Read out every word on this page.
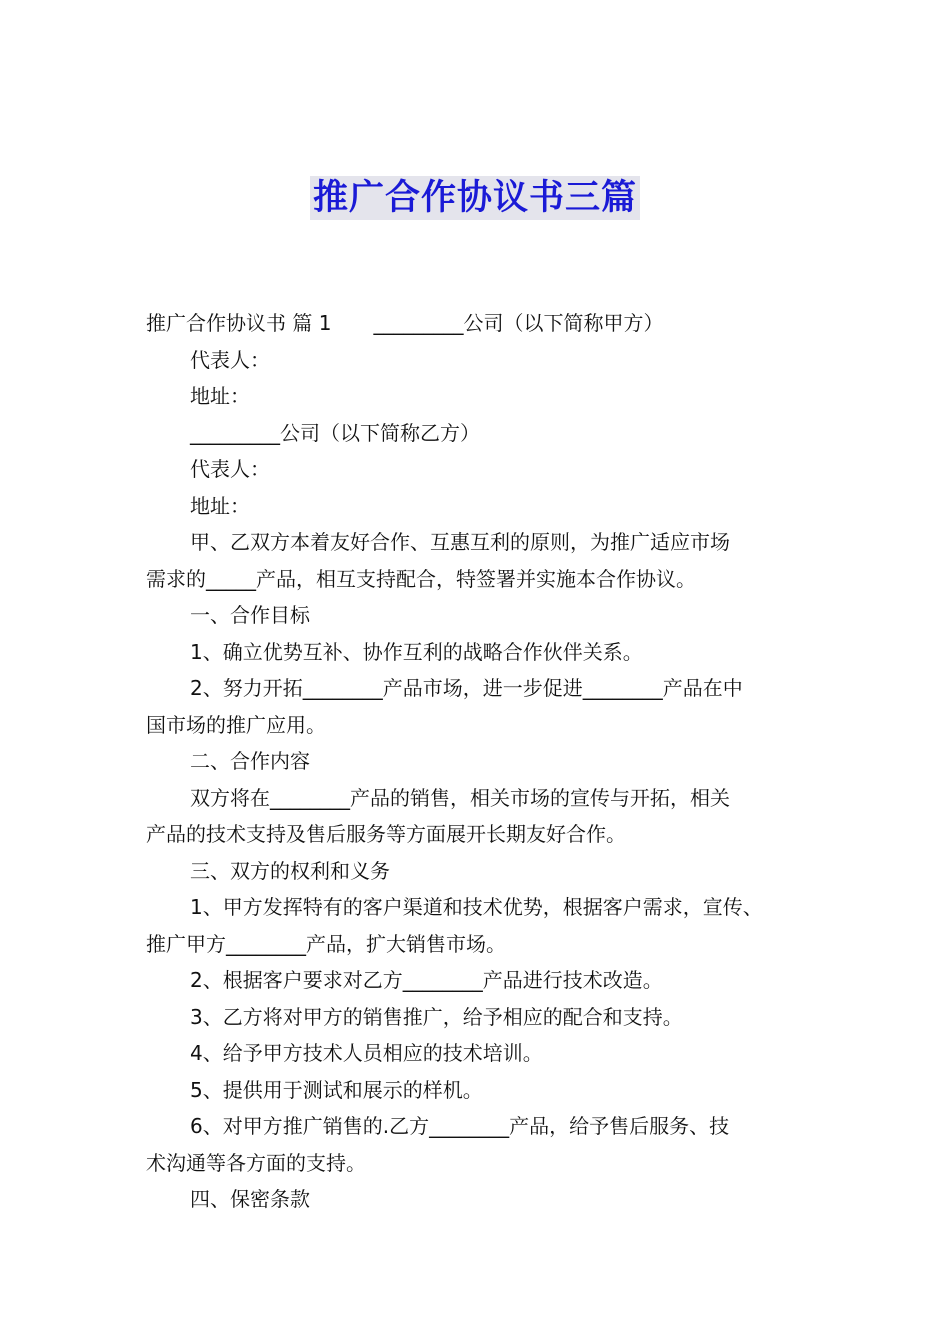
推广合作协议书三篇

推广合作协议书 篇 1 _________公司（以下简称甲方）

代表人：

地址：

_________公司（以下简称乙方）

代表人：

地址：

甲、乙双方本着友好合作、互惠互利的原则，为推广适应市场

需求的_____产品，相互支持配合，特签署并实施本合作协议。

一、合作目标

1、确立优势互补、协作互利的战略合作伙伴关系。

2、努力开拓________产品市场，进一步促进________产品在中

国市场的推广应用。

二、合作内容

双方将在________产品的销售，相关市场的宣传与开拓，相关

产品的技术支持及售后服务等方面展开长期友好合作。

三、双方的权利和义务

1、甲方发挥特有的客户渠道和技术优势，根据客户需求，宣传、

推广甲方________产品，扩大销售市场。

2、根据客户要求对乙方________产品进行技术改造。

3、乙方将对甲方的销售推广，给予相应的配合和支持。

4、给予甲方技术人员相应的技术培训。

5、提供用于测试和展示的样机。

6、对甲方推广销售的.乙方________产品，给予售后服务、技

术沟通等各方面的支持。

四、保密条款
